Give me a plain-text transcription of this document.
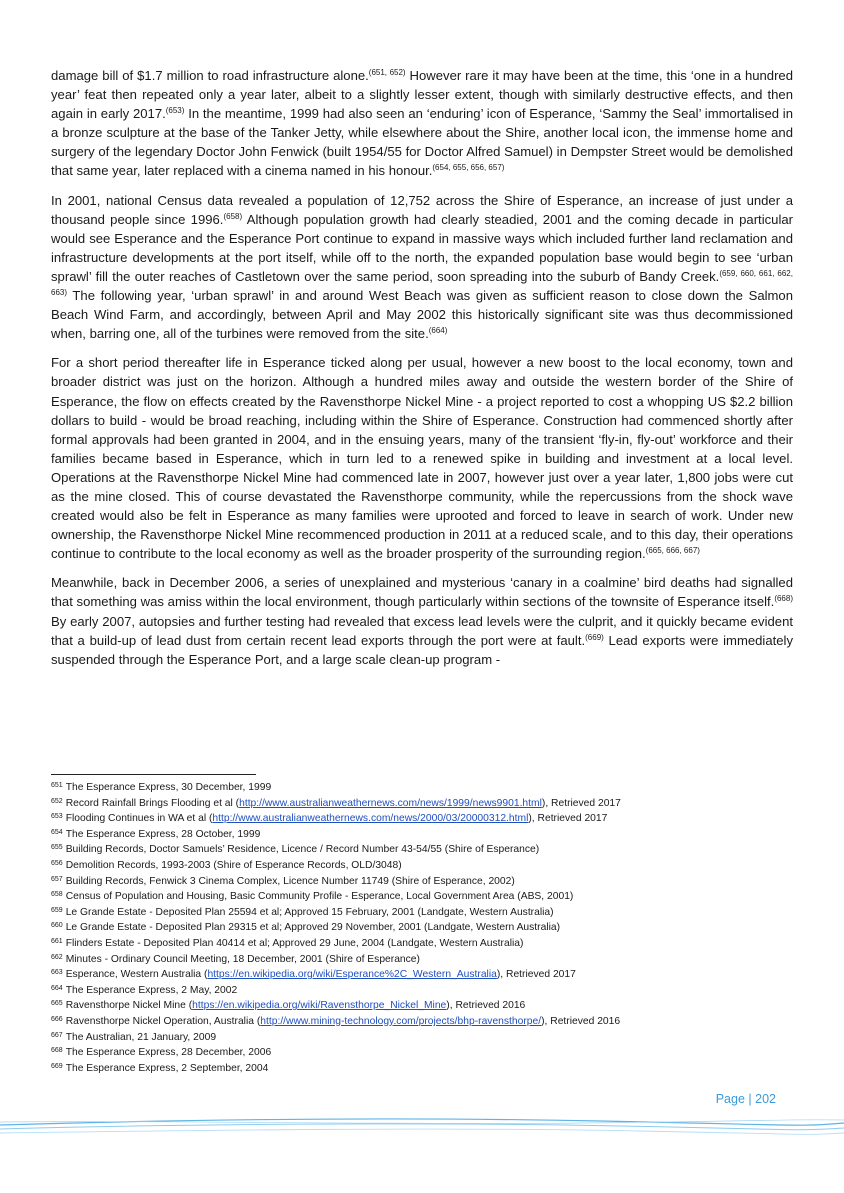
damage bill of $1.7 million to road infrastructure alone.$^{(651, 652)}$ However rare it may have been at the time, this ‘one in a hundred year’ feat then repeated only a year later, albeit to a slightly lesser extent, though with similarly destructive effects, and then again in early 2017.$^{(653)}$ In the meantime, 1999 had also seen an ‘enduring’ icon of Esperance, ‘Sammy the Seal’ immortalised in a bronze sculpture at the base of the Tanker Jetty, while elsewhere about the Shire, another local icon, the immense home and surgery of the legendary Doctor John Fenwick (built 1954/55 for Doctor Alfred Samuel) in Dempster Street would be demolished that same year, later replaced with a cinema named in his honour.$^{(654, 655, 656, 657)}$

In 2001, national Census data revealed a population of 12,752 across the Shire of Esperance, an increase of just under a thousand people since 1996.$^{(658)}$ Although population growth had clearly steadied, 2001 and the coming decade in particular would see Esperance and the Esperance Port continue to expand in massive ways which included further land reclamation and infrastructure developments at the port itself, while off to the north, the expanded population base would begin to see ‘urban sprawl’ fill the outer reaches of Castletown over the same period, soon spreading into the suburb of Bandy Creek.$^{(659, 660, 661, 662, 663)}$ The following year, ‘urban sprawl’ in and around West Beach was given as sufficient reason to close down the Salmon Beach Wind Farm, and accordingly, between April and May 2002 this historically significant site was thus decommissioned when, barring one, all of the turbines were removed from the site.$^{(664)}$

For a short period thereafter life in Esperance ticked along per usual, however a new boost to the local economy, town and broader district was just on the horizon. Although a hundred miles away and outside the western border of the Shire of Esperance, the flow on effects created by the Ravensthorpe Nickel Mine - a project reported to cost a whopping US $2.2 billion dollars to build - would be broad reaching, including within the Shire of Esperance. Construction had commenced shortly after formal approvals had been granted in 2004, and in the ensuing years, many of the transient ‘fly-in, fly-out’ workforce and their families became based in Esperance, which in turn led to a renewed spike in building and investment at a local level. Operations at the Ravensthorpe Nickel Mine had commenced late in 2007, however just over a year later, 1,800 jobs were cut as the mine closed. This of course devastated the Ravensthorpe community, while the repercussions from the shock wave created would also be felt in Esperance as many families were uprooted and forced to leave in search of work. Under new ownership, the Ravensthorpe Nickel Mine recommenced production in 2011 at a reduced scale, and to this day, their operations continue to contribute to the local economy as well as the broader prosperity of the surrounding region.$^{(665, 666, 667)}$

Meanwhile, back in December 2006, a series of unexplained and mysterious ‘canary in a coalmine’ bird deaths had signalled that something was amiss within the local environment, though particularly within sections of the townsite of Esperance itself.$^{(668)}$ By early 2007, autopsies and further testing had revealed that excess lead levels were the culprit, and it quickly became evident that a build-up of lead dust from certain recent lead exports through the port were at fault.$^{(669)}$ Lead exports were immediately suspended through the Esperance Port, and a large scale clean-up program -

$^{651}$ The Esperance Express, 30 December, 1999
$^{652}$ Record Rainfall Brings Flooding et al (http://www.australianweathernews.com/news/1999/news9901.html), Retrieved 2017
$^{653}$ Flooding Continues in WA et al (http://www.australianweathernews.com/news/2000/03/20000312.html), Retrieved 2017
$^{654}$ The Esperance Express, 28 October, 1999
$^{655}$ Building Records, Doctor Samuels’ Residence, Licence / Record Number 43-54/55 (Shire of Esperance)
$^{656}$ Demolition Records, 1993-2003 (Shire of Esperance Records, OLD/3048)
$^{657}$ Building Records, Fenwick 3 Cinema Complex, Licence Number 11749 (Shire of Esperance, 2002)
$^{658}$ Census of Population and Housing, Basic Community Profile - Esperance, Local Government Area (ABS, 2001)
$^{659}$ Le Grande Estate - Deposited Plan 25594 et al; Approved 15 February, 2001 (Landgate, Western Australia)
$^{660}$ Le Grande Estate - Deposited Plan 29315 et al; Approved 29 November, 2001 (Landgate, Western Australia)
$^{661}$ Flinders Estate - Deposited Plan 40414 et al; Approved 29 June, 2004 (Landgate, Western Australia)
$^{662}$ Minutes - Ordinary Council Meeting, 18 December, 2001 (Shire of Esperance)
$^{663}$ Esperance, Western Australia (https://en.wikipedia.org/wiki/Esperance%2C_Western_Australia), Retrieved 2017
$^{664}$ The Esperance Express, 2 May, 2002
$^{665}$ Ravensthorpe Nickel Mine (https://en.wikipedia.org/wiki/Ravensthorpe_Nickel_Mine), Retrieved 2016
$^{666}$ Ravensthorpe Nickel Operation, Australia (http://www.mining-technology.com/projects/bhp-ravensthorpe/), Retrieved 2016
$^{667}$ The Australian, 21 January, 2009
$^{668}$ The Esperance Express, 28 December, 2006
$^{669}$ The Esperance Express, 2 September, 2004
Page | 202
